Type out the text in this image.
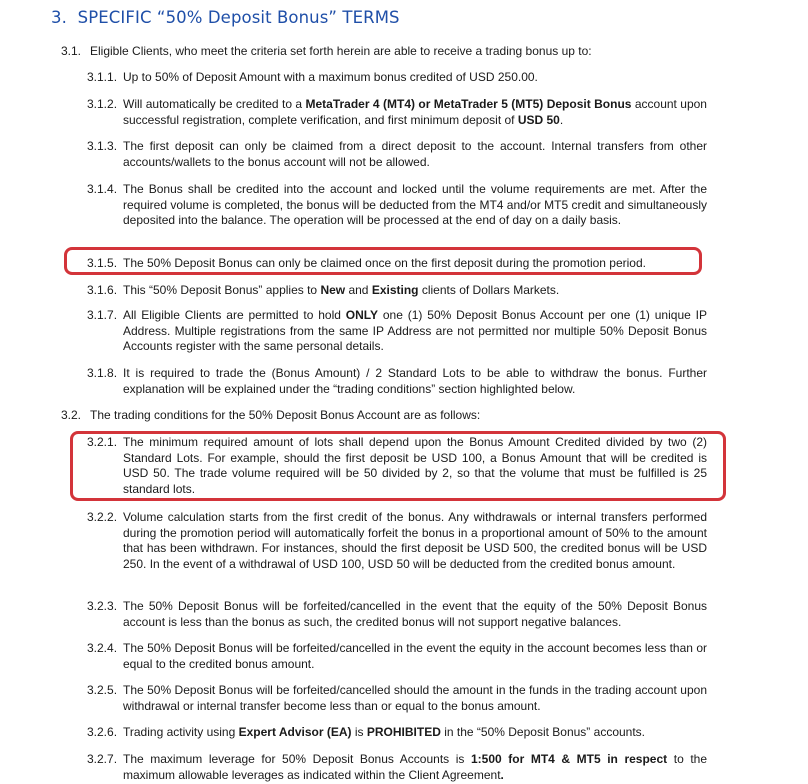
3. SPECIFIC “50% Deposit Bonus” TERMS
3.1. Eligible Clients, who meet the criteria set forth herein are able to receive a trading bonus up to:
3.1.1. Up to 50% of Deposit Amount with a maximum bonus credited of USD 250.00.
3.1.2. Will automatically be credited to a MetaTrader 4 (MT4) or MetaTrader 5 (MT5) Deposit Bonus account upon successful registration, complete verification, and first minimum deposit of USD 50.
3.1.3. The first deposit can only be claimed from a direct deposit to the account. Internal transfers from other accounts/wallets to the bonus account will not be allowed.
3.1.4. The Bonus shall be credited into the account and locked until the volume requirements are met. After the required volume is completed, the bonus will be deducted from the MT4 and/or MT5 credit and simultaneously deposited into the balance. The operation will be processed at the end of day on a daily basis.
3.1.5. The 50% Deposit Bonus can only be claimed once on the first deposit during the promotion period.
3.1.6. This “50% Deposit Bonus” applies to New and Existing clients of Dollars Markets.
3.1.7. All Eligible Clients are permitted to hold ONLY one (1) 50% Deposit Bonus Account per one (1) unique IP Address. Multiple registrations from the same IP Address are not permitted nor multiple 50% Deposit Bonus Accounts register with the same personal details.
3.1.8. It is required to trade the (Bonus Amount) / 2 Standard Lots to be able to withdraw the bonus. Further explanation will be explained under the “trading conditions” section highlighted below.
3.2. The trading conditions for the 50% Deposit Bonus Account are as follows:
3.2.1. The minimum required amount of lots shall depend upon the Bonus Amount Credited divided by two (2) Standard Lots. For example, should the first deposit be USD 100, a Bonus Amount that will be credited is USD 50. The trade volume required will be 50 divided by 2, so that the volume that must be fulfilled is 25 standard lots.
3.2.2. Volume calculation starts from the first credit of the bonus. Any withdrawals or internal transfers performed during the promotion period will automatically forfeit the bonus in a proportional amount of 50% to the amount that has been withdrawn. For instances, should the first deposit be USD 500, the credited bonus will be USD 250. In the event of a withdrawal of USD 100, USD 50 will be deducted from the credited bonus amount.
3.2.3. The 50% Deposit Bonus will be forfeited/cancelled in the event that the equity of the 50% Deposit Bonus account is less than the bonus as such, the credited bonus will not support negative balances.
3.2.4. The 50% Deposit Bonus will be forfeited/cancelled in the event the equity in the account becomes less than or equal to the credited bonus amount.
3.2.5. The 50% Deposit Bonus will be forfeited/cancelled should the amount in the funds in the trading account upon withdrawal or internal transfer become less than or equal to the bonus amount.
3.2.6. Trading activity using Expert Advisor (EA) is PROHIBITED in the “50% Deposit Bonus” accounts.
3.2.7. The maximum leverage for 50% Deposit Bonus Accounts is 1:500 for MT4 & MT5 in respect to the maximum allowable leverages as indicated within the Client Agreement.
